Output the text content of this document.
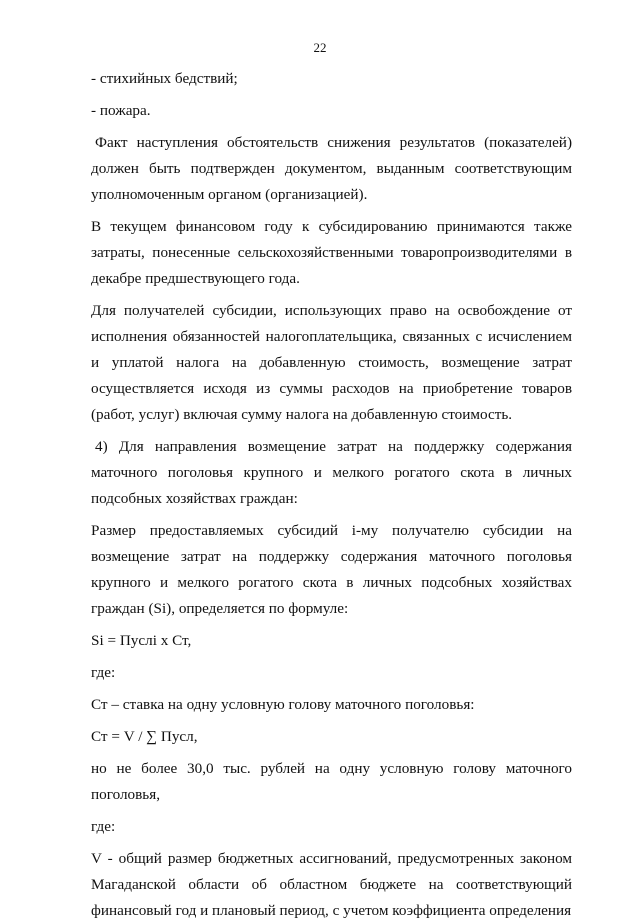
22

- стихийных бедствий;

- пожара.

Факт наступления обстоятельств снижения результатов (показателей) должен быть подтвержден документом, выданным соответствующим уполномоченным органом (организацией).

В текущем финансовом году к субсидированию принимаются также затраты, понесенные сельскохозяйственными товаропроизводителями в декабре предшествующего года.

Для получателей субсидии, использующих право на освобождение от исполнения обязанностей налогоплательщика, связанных с исчислением и уплатой налога на добавленную стоимость, возмещение затрат осуществляется исходя из суммы расходов на приобретение товаров (работ, услуг) включая сумму налога на добавленную стоимость.

4) Для направления возмещение затрат на поддержку содержания маточного поголовья крупного и мелкого рогатого скота в личных подсобных хозяйствах граждан:

Размер предоставляемых субсидий i-му получателю субсидии на возмещение затрат на поддержку содержания маточного поголовья крупного и мелкого рогатого скота в личных подсобных хозяйствах граждан (Si), определяется по формуле:

Si = Пуслi х Ст,

где:

Ст – ставка на одну условную голову маточного поголовья:

Ст = V / ∑ Пусл,

но не более 30,0 тыс. рублей на одну условную голову маточного поголовья,

где:

V - общий размер бюджетных ассигнований, предусмотренных законом Магаданской области об областном бюджете на соответствующий финансовый год и плановый период, с учетом коэффициента определения
